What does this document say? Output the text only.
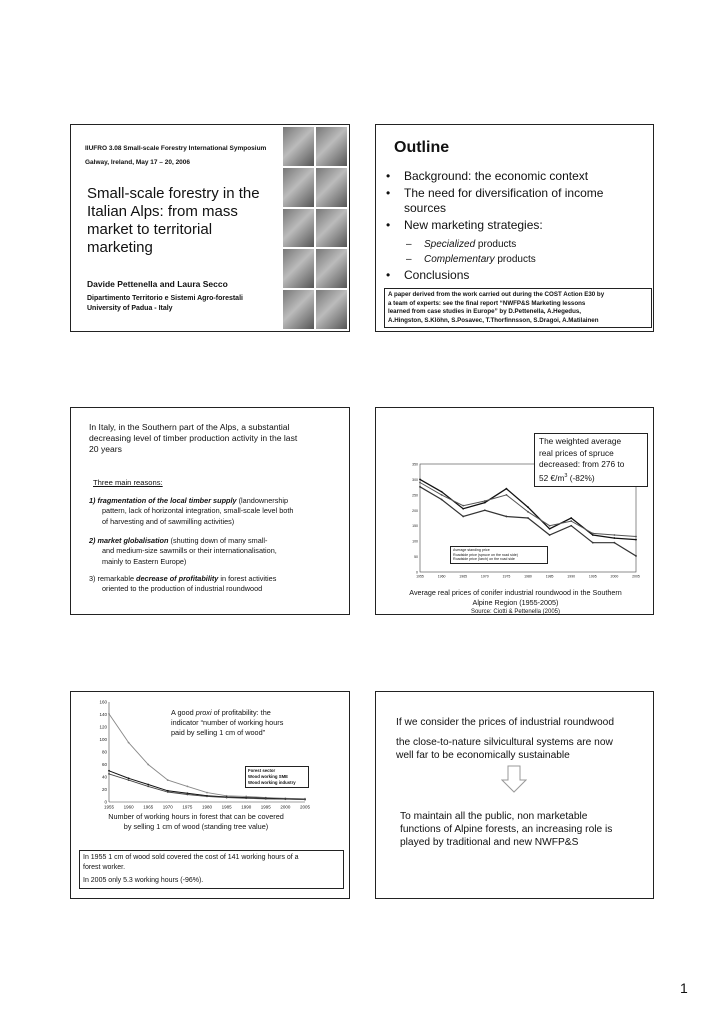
IIUFRO 3.08 Small-scale Forestry International Symposium
Galway, Ireland, May 17 – 20, 2006
Small-scale forestry in the
Italian Alps: from mass
market to territorial
marketing
Davide Pettenella and Laura Secco
Dipartimento Territorio e Sistemi Agro-forestali
University of Padua - Italy
Outline
• Background: the economic context
• The need for diversification of income
sources
• New marketing strategies:
– Specialized products
– Complementary products
• Conclusions
A paper derived from the work carried out during the COST Action E30 by
a team of experts: see the final report “NWFP&S Marketing lessons
learned from case studies in Europe” by D.Pettenella, A.Hegedus,
A.Hingston, S.Klöhn, S.Posavec, T.Thorfinnsson, S.Dragoi, A.Matilainen
In Italy, in the Southern part of the Alps, a substantial
decreasing level of timber production activity in the last
20 years
Three main reasons:
1) fragmentation of the local timber supply (landownership
pattern, lack of horizontal integration, small-scale level both
of harvesting and of sawmilling activities)
2) market globalisation (shutting down of many small-
and medium-size sawmills or their internationalisation,
mainly to Eastern Europe)
3) remarkable decrease of profitability in forest activities
oriented to the production of industrial roundwood
0
50
100
150
200
250
300
350
1955	1960	1965	1970	1975	1980	1985	1990	1995	2000	2005
The weighted average
real prices of spruce
decreased: from 276 to
52 $€/m^3$ (-82%)
Average standing price
Roadside price (spruce on the road side)
Roadside price (larch) on the road side
Average real prices of conifer industrial roundwood in the Southern
Alpine Region (1955-2005)
Source: Ciotti & Pettenella (2005)
0
20
40
60
80
100
120
140
160
1955 1960 1965 1970 1975 1980 1985 1990 1995 2000 2005
A good proxi of profitability: the
indicator “number of working hours
paid by selling 1 cm of wood”
Forest sector
Wood working SME
Wood working industry
Number of working hours in forest that can be covered
by selling 1 cm of wood (standing tree value)
In 1955 1 cm of wood sold covered the cost of 141 working hours of a
forest worker.
In 2005 only 5.3 working hours (-96%).
If we consider the prices of industrial roundwood
the close-to-nature silvicultural systems are now
well far to be economically sustainable
To maintain all the public, non marketable
functions of Alpine forests, an increasing role is
played by traditional and new NWFP&S
1
